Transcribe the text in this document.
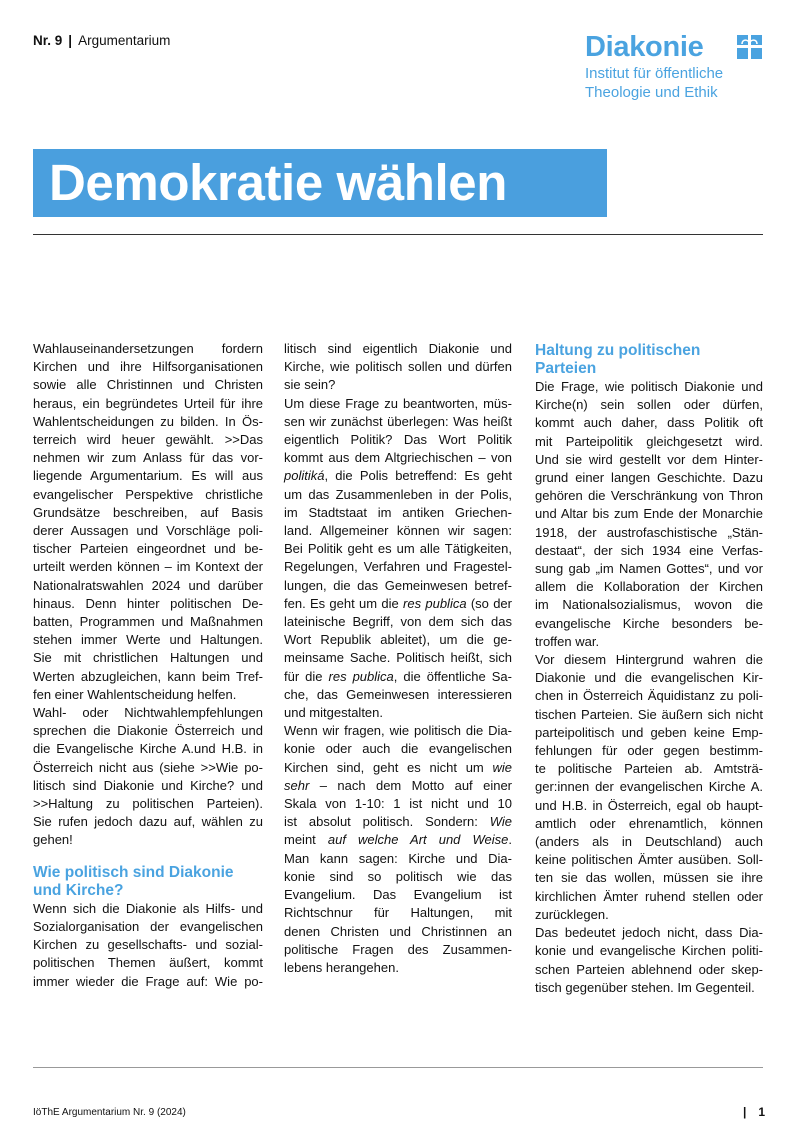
Nr. 9 | Argumentarium	Diakonie
Institut für öffentliche
Theologie und Ethik
Demokratie wählen

Wahlauseinandersetzungen fordern
Kirchen und ihre Hilfsorganisationen
sowie alle Christinnen und Christen
heraus, ein begründetes Urteil für ihre
Wahlentscheidungen zu bilden. In Ös-
terreich wird heuer gewählt. >>Das
nehmen wir zum Anlass für das vor-
liegende Argumentarium. Es will aus
evangelischer Perspektive christliche
Grundsätze beschreiben, auf Basis
derer Aussagen und Vorschläge poli-
tischer Parteien eingeordnet und be-
urteilt werden können – im Kontext der
Nationalratswahlen 2024 und darüber
hinaus. Denn hinter politischen De-
batten, Programmen und Maßnahmen
stehen immer Werte und Haltungen.
Sie mit christlichen Haltungen und
Werten abzugleichen, kann beim Tref-
fen einer Wahlentscheidung helfen.

Wahl- oder Nichtwahlempfehlungen
sprechen die Diakonie Österreich und
die Evangelische Kirche A.und H.B. in
Österreich nicht aus (siehe >>Wie po-
litisch sind Diakonie und Kirche? und
>>Haltung zu politischen Parteien).
Sie rufen jedoch dazu auf, wählen zu
gehen!

Wie politisch sind Diakonie und Kirche?

Wenn sich die Diakonie als Hilfs- und
Sozialorganisation der evangelischen
Kirchen zu gesellschafts- und sozial-
politischen Themen äußert, kommt
immer wieder die Frage auf: Wie po-

litisch sind eigentlich Diakonie und
Kirche, wie politisch sollen und dürfen
sie sein?

Um diese Frage zu beantworten, müs-
sen wir zunächst überlegen: Was heißt
eigentlich Politik? Das Wort Politik
kommt aus dem Altgriechischen – von
politiká, die Polis betreffend: Es geht
um das Zusammenleben in der Polis,
im Stadtstaat im antiken Griechen-
land. Allgemeiner können wir sagen:
Bei Politik geht es um alle Tätigkeiten,
Regelungen, Verfahren und Fragestel-
lungen, die das Gemeinwesen betref-
fen. Es geht um die res publica (so der
lateinische Begriff, von dem sich das
Wort Republik ableitet), um die ge-
meinsame Sache. Politisch heißt, sich
für die res publica, die öffentliche Sa-
che, das Gemeinwesen interessieren
und mitgestalten.

Wenn wir fragen, wie politisch die Dia-
konie oder auch die evangelischen
Kirchen sind, geht es nicht um wie
sehr – nach dem Motto auf einer
Skala von 1-10: 1 ist nicht und 10
ist absolut politisch. Sondern: Wie
meint auf welche Art und Weise.
Man kann sagen: Kirche und Dia-
konie sind so politisch wie das
Evangelium. Das Evangelium ist
Richtschnur für Haltungen, mit
denen Christen und Christinnen an
politische Fragen des Zusammen-
lebens herangehen.

Haltung zu politischen Parteien

Die Frage, wie politisch Diakonie und
Kirche(n) sein sollen oder dürfen,
kommt auch daher, dass Politik oft
mit Parteipolitik gleichgesetzt wird.
Und sie wird gestellt vor dem Hinter-
grund einer langen Geschichte. Dazu
gehören die Verschränkung von Thron
und Altar bis zum Ende der Monarchie
1918, der austrofaschistische „Stän-
destaat“, der sich 1934 eine Verfas-
sung gab „im Namen Gottes“, und vor
allem die Kollaboration der Kirchen
im Nationalsozialismus, wovon die
evangelische Kirche besonders be-
troffen war.

Vor diesem Hintergrund wahren die
Diakonie und die evangelischen Kir-
chen in Österreich Äquidistanz zu poli-
tischen Parteien. Sie äußern sich nicht
parteipolitisch und geben keine Emp-
fehlungen für oder gegen bestimm-
te politische Parteien ab. Amtsträ-
ger:innen der evangelischen Kirche A.
und H.B. in Österreich, egal ob haupt-
amtlich oder ehrenamtlich, können
(anders als in Deutschland) auch
keine politischen Ämter ausüben. Soll-
ten sie das wollen, müssen sie ihre
kirchlichen Ämter ruhend stellen oder
zurücklegen.

Das bedeutet jedoch nicht, dass Dia-
konie und evangelische Kirchen politi-
schen Parteien ablehnend oder skep-
tisch gegenüber stehen. Im Gegenteil.

IöThE Argumentarium Nr. 9 (2024)	| 1
